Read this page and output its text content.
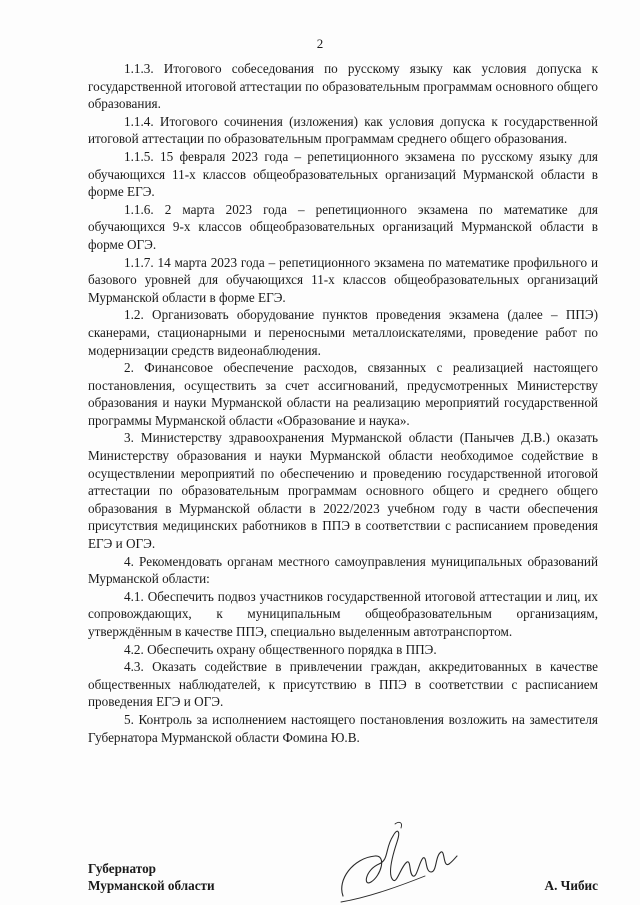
2

1.1.3. Итогового собеседования по русскому языку как условия допуска к государственной итоговой аттестации по образовательным программам основного общего образования.

1.1.4. Итогового сочинения (изложения) как условия допуска к государственной итоговой аттестации по образовательным программам среднего общего образования.

1.1.5. 15 февраля 2023 года – репетиционного экзамена по русскому языку для обучающихся 11-х классов общеобразовательных организаций Мурманской области в форме ЕГЭ.

1.1.6. 2 марта 2023 года – репетиционного экзамена по математике для обучающихся 9-х классов общеобразовательных организаций Мурманской области в форме ОГЭ.

1.1.7. 14 марта 2023 года – репетиционного экзамена по математике профильного и базового уровней для обучающихся 11-х классов общеобразовательных организаций Мурманской области в форме ЕГЭ.

1.2. Организовать оборудование пунктов проведения экзамена (далее – ППЭ) сканерами, стационарными и переносными металлоискателями, проведение работ по модернизации средств видеонаблюдения.

2. Финансовое обеспечение расходов, связанных с реализацией настоящего постановления, осуществить за счет ассигнований, предусмотренных Министерству образования и науки Мурманской области на реализацию мероприятий государственной программы Мурманской области «Образование и наука».

3. Министерству здравоохранения Мурманской области (Панычев Д.В.) оказать Министерству образования и науки Мурманской области необходимое содействие в осуществлении мероприятий по обеспечению и проведению государственной итоговой аттестации по образовательным программам основного общего и среднего общего образования в Мурманской области в 2022/2023 учебном году в части обеспечения присутствия медицинских работников в ППЭ в соответствии с расписанием проведения ЕГЭ и ОГЭ.

4. Рекомендовать органам местного самоуправления муниципальных образований Мурманской области:

4.1. Обеспечить подвоз участников государственной итоговой аттестации и лиц, их сопровождающих, к муниципальным общеобразовательным организациям, утверждённым в качестве ППЭ, специально выделенным автотранспортом.

4.2. Обеспечить охрану общественного порядка в ППЭ.

4.3. Оказать содействие в привлечении граждан, аккредитованных в качестве общественных наблюдателей, к присутствию в ППЭ в соответствии с расписанием проведения ЕГЭ и ОГЭ.

5. Контроль за исполнением настоящего постановления возложить на заместителя Губернатора Мурманской области Фомина Ю.В.

Губернатор
Мурманской области	А. Чибис
